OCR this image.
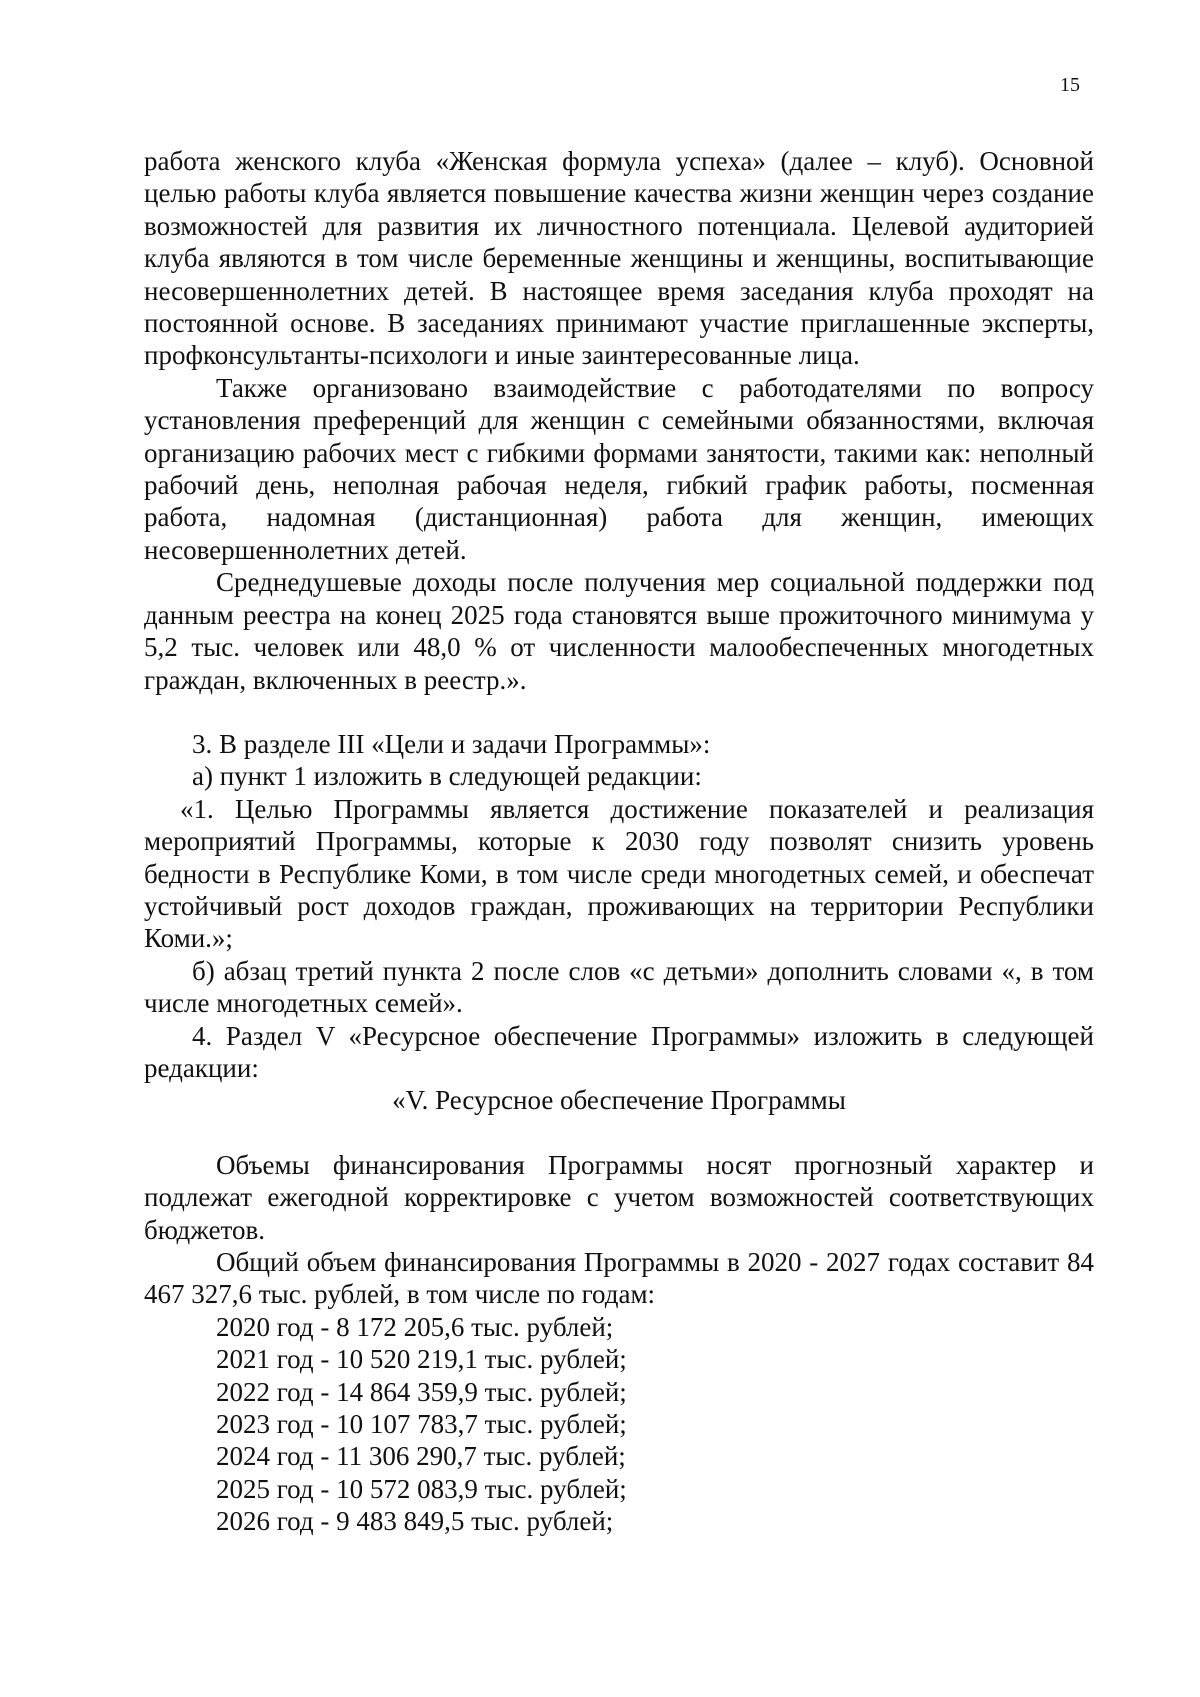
15

работа женского клуба «Женская формула успеха» (далее – клуб). Основной целью работы клуба является повышение качества жизни женщин через создание возможностей для развития их личностного потенциала. Целевой аудиторией клуба являются в том числе беременные женщины и женщины, воспитывающие несовершеннолетних детей. В настоящее время заседания клуба проходят на постоянной основе. В заседаниях принимают участие приглашенные эксперты, профконсультанты-психологи и иные заинтересованные лица.

Также организовано взаимодействие с работодателями по вопросу установления преференций для женщин с семейными обязанностями, включая организацию рабочих мест с гибкими формами занятости, такими как: неполный рабочий день, неполная рабочая неделя, гибкий график работы, посменная работа, надомная (дистанционная) работа для женщин, имеющих несовершеннолетних детей.

Среднедушевые доходы после получения мер социальной поддержки под данным реестра на конец 2025 года становятся выше прожиточного минимума у 5,2 тыс. человек или 48,0 % от численности малообеспеченных многодетных граждан, включенных в реестр.».

3. В разделе III «Цели и задачи Программы»:

а) пункт 1 изложить в следующей редакции:

«1. Целью Программы является достижение показателей и реализация мероприятий Программы, которые к 2030 году позволят снизить уровень бедности в Республике Коми, в том числе среди многодетных семей, и обеспечат устойчивый рост доходов граждан, проживающих на территории Республики Коми.»;

б) абзац третий пункта 2 после слов «с детьми» дополнить словами «, в том числе многодетных семей».

4. Раздел V «Ресурсное обеспечение Программы» изложить в следующей редакции:

«V. Ресурсное обеспечение Программы

Объемы финансирования Программы носят прогнозный характер и подлежат ежегодной корректировке с учетом возможностей соответствующих бюджетов.

Общий объем финансирования Программы в 2020 - 2027 годах составит 84 467 327,6 тыс. рублей, в том числе по годам:

2020 год - 8 172 205,6 тыс. рублей;
2021 год - 10 520 219,1 тыс. рублей;
2022 год - 14 864 359,9 тыс. рублей;
2023 год - 10 107 783,7 тыс. рублей;
2024 год - 11 306 290,7 тыс. рублей;
2025 год - 10 572 083,9 тыс. рублей;
2026 год - 9 483 849,5 тыс. рублей;
